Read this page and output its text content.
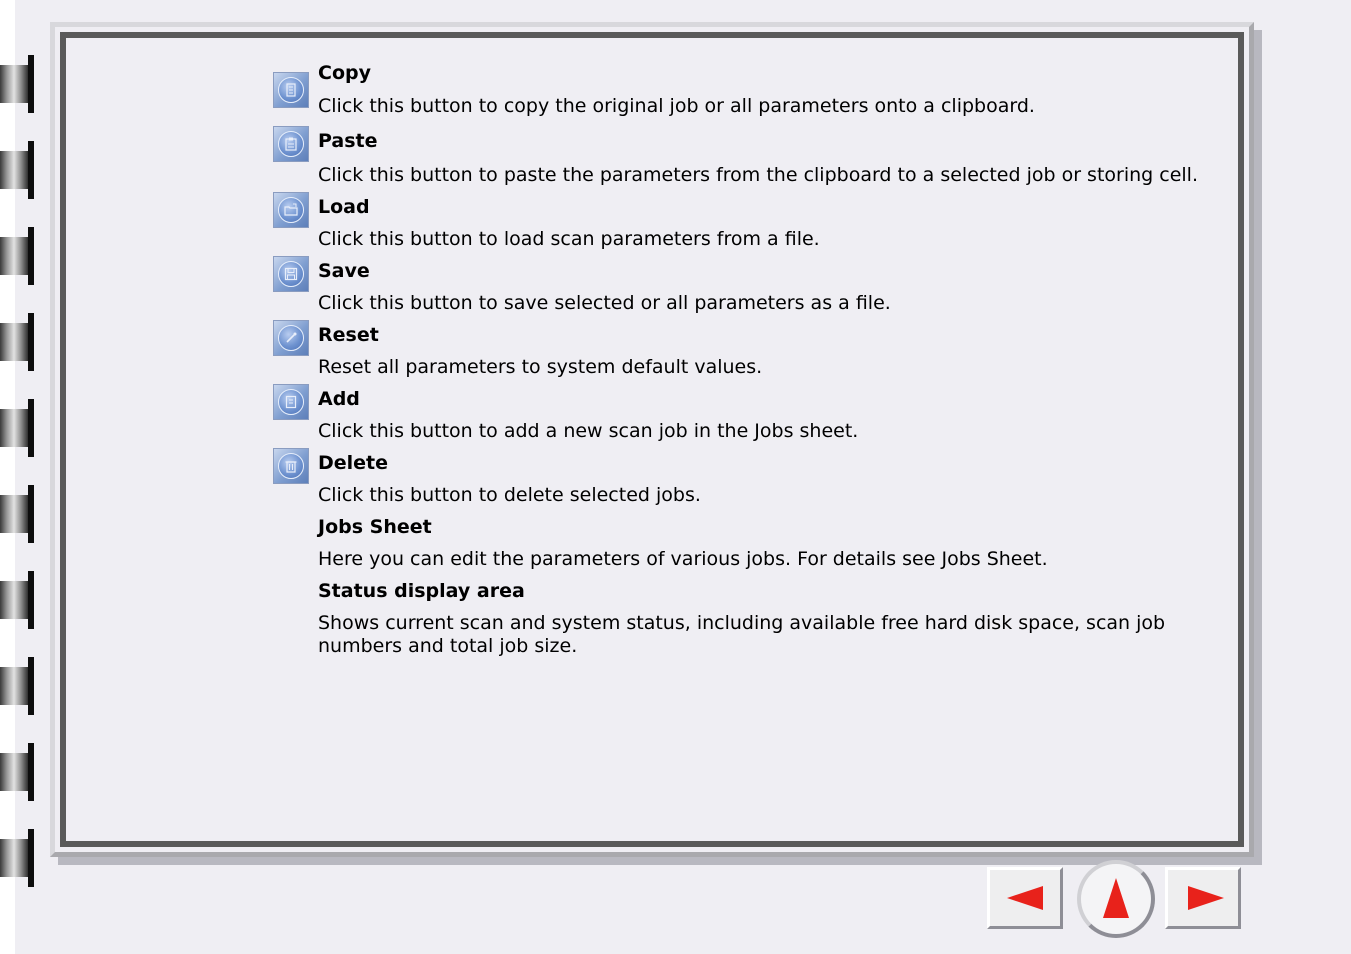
Copy
Click this button to copy the original job or all parameters onto a clipboard.
Paste
Click this button to paste the parameters from the clipboard to a selected job or storing cell.
Load
Click this button to load scan parameters from a file.
Save
Click this button to save selected or all parameters as a file.
Reset
Reset all parameters to system default values.
Add
Click this button to add a new scan job in the Jobs sheet.
Delete
Click this button to delete selected jobs.
Jobs Sheet
Here you can edit the parameters of various jobs. For details see Jobs Sheet.
Status display area
Shows current scan and system status, including available free hard disk space, scan job numbers and total job size.
